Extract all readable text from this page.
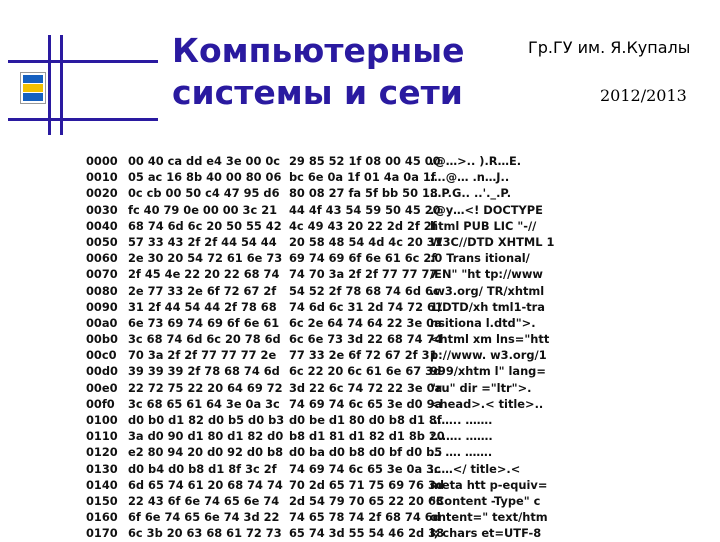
Компьютерные
системы и сети
Гр.ГУ им. Я.Купалы
2012/2013
0000 00 40 ca dd e4 3e 00 0c 29 85 52 1f 08 00 45 00
.@…>.. ).R…E.
0010 05 ac 16 8b 40 00 80 06 bc 6e 0a 1f 01 4a 0a 1f
….@… .n…J..
0020 0c cb 00 50 c4 47 95 d6 80 08 27 fa 5f bb 50 18
…P.G.. ..'._.P.
0030 fc 40 79 0e 00 00 3c 21 44 4f 43 54 59 50 45 20
.@y…<! DOCTYPE
0040 68 74 6d 6c 20 50 55 42 4c 49 43 20 22 2d 2f 2f
html PUB LIC "-//
0050 57 33 43 2f 2f 44 54 44 20 58 48 54 4d 4c 20 31
W3C//DTD XHTML 1
0060 2e 30 20 54 72 61 6e 73 69 74 69 6f 6e 61 6c 2f
.0 Trans itional/
0070 2f 45 4e 22 20 22 68 74 74 70 3a 2f 2f 77 77 77
/EN" "ht tp://www
0080 2e 77 33 2e 6f 72 67 2f 54 52 2f 78 68 74 6d 6c
.w3.org/ TR/xhtml
0090 31 2f 44 54 44 2f 78 68 74 6d 6c 31 2d 74 72 61
1/DTD/xh tml1-tra
00a0 6e 73 69 74 69 6f 6e 61 6c 2e 64 74 64 22 3e 0a
nsitiona l.dtd">.
00b0 3c 68 74 6d 6c 20 78 6d 6c 6e 73 3d 22 68 74 74
<html xm lns="htt
00c0 70 3a 2f 2f 77 77 77 2e 77 33 2e 6f 72 67 2f 31
p://www. w3.org/1
00d0 39 39 39 2f 78 68 74 6d 6c 22 20 6c 61 6e 67 3d
999/xhtm l" lang=
00e0 22 72 75 22 20 64 69 72 3d 22 6c 74 72 22 3e 0a
"ru" dir ="ltr">.
00f0 3c 68 65 61 64 3e 0a 3c 74 69 74 6c 65 3e d0 9a
<head>.< title>..
0100 d0 b0 d1 82 d0 b5 d0 b3 d0 be d1 80 d0 b8 d1 8f
…….. …….
0110 3a d0 90 d1 80 d1 82 d0 b8 d1 81 d1 82 d1 8b 20
:……. …….
0120 e2 80 94 20 d0 92 d0 b8 d0 ba d0 b8 d0 bf d0 b5
… …. …….
0130 d0 b4 d0 b8 d1 8f 3c 2f 74 69 74 6c 65 3e 0a 3c
……</ title>.<
0140 6d 65 74 61 20 68 74 74 70 2d 65 71 75 69 76 3d
meta htt p-equiv=
0150 22 43 6f 6e 74 65 6e 74 2d 54 79 70 65 22 20 63
"Content -Type" c
0160 6f 6e 74 65 6e 74 3d 22 74 65 78 74 2f 68 74 6d
ontent=" text/htm
0170 6c 3b 20 63 68 61 72 73 65 74 3d 55 54 46 2d 38
l; chars et=UTF-8
